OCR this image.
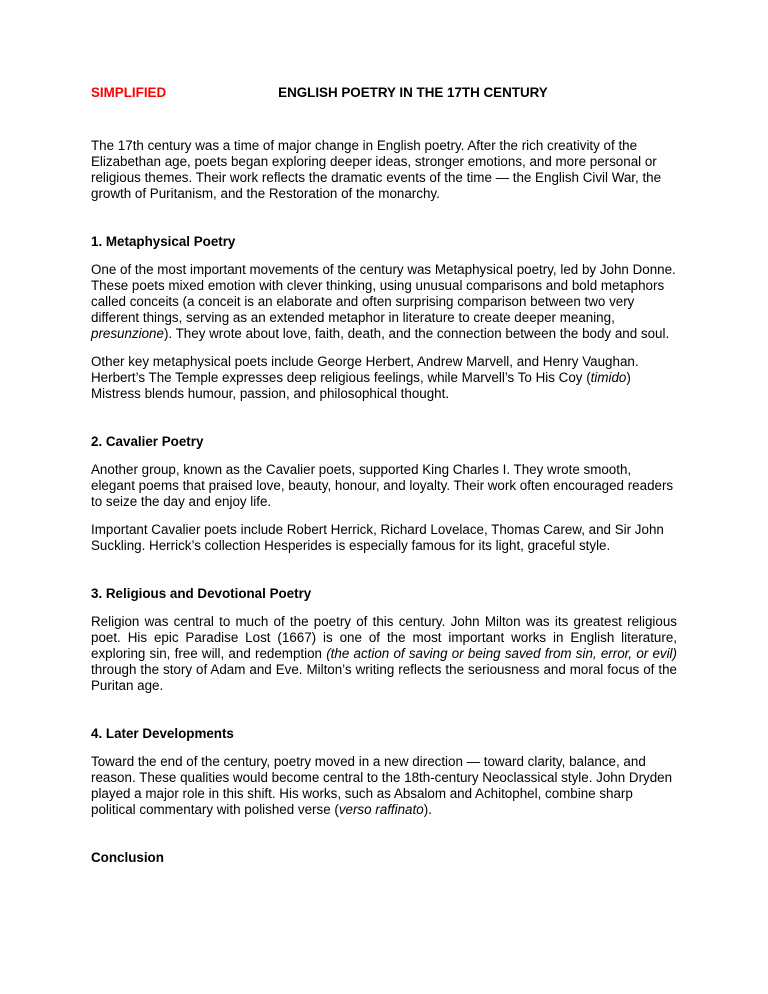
SIMPLIFIED	ENGLISH POETRY IN THE 17TH CENTURY

The 17th century was a time of major change in English poetry. After the rich creativity of the Elizabethan age, poets began exploring deeper ideas, stronger emotions, and more personal or religious themes. Their work reflects the dramatic events of the time — the English Civil War, the growth of Puritanism, and the Restoration of the monarchy.

1. Metaphysical Poetry

One of the most important movements of the century was Metaphysical poetry, led by John Donne. These poets mixed emotion with clever thinking, using unusual comparisons and bold metaphors called conceits (a conceit is an elaborate and often surprising comparison between two very different things, serving as an extended metaphor in literature to create deeper meaning, presunzione). They wrote about love, faith, death, and the connection between the body and soul.

Other key metaphysical poets include George Herbert, Andrew Marvell, and Henry Vaughan. Herbert’s The Temple expresses deep religious feelings, while Marvell’s To His Coy (timido) Mistress blends humour, passion, and philosophical thought.

2. Cavalier Poetry

Another group, known as the Cavalier poets, supported King Charles I. They wrote smooth, elegant poems that praised love, beauty, honour, and loyalty. Their work often encouraged readers to seize the day and enjoy life.

Important Cavalier poets include Robert Herrick, Richard Lovelace, Thomas Carew, and Sir John Suckling. Herrick’s collection Hesperides is especially famous for its light, graceful style.

3. Religious and Devotional Poetry

Religion was central to much of the poetry of this century. John Milton was its greatest religious poet. His epic Paradise Lost (1667) is one of the most important works in English literature, exploring sin, free will, and redemption (the action of saving or being saved from sin, error, or evil) through the story of Adam and Eve. Milton’s writing reflects the seriousness and moral focus of the Puritan age.

4. Later Developments

Toward the end of the century, poetry moved in a new direction — toward clarity, balance, and reason. These qualities would become central to the 18th-century Neoclassical style. John Dryden played a major role in this shift. His works, such as Absalom and Achitophel, combine sharp political commentary with polished verse (verso raffinato).

Conclusion
